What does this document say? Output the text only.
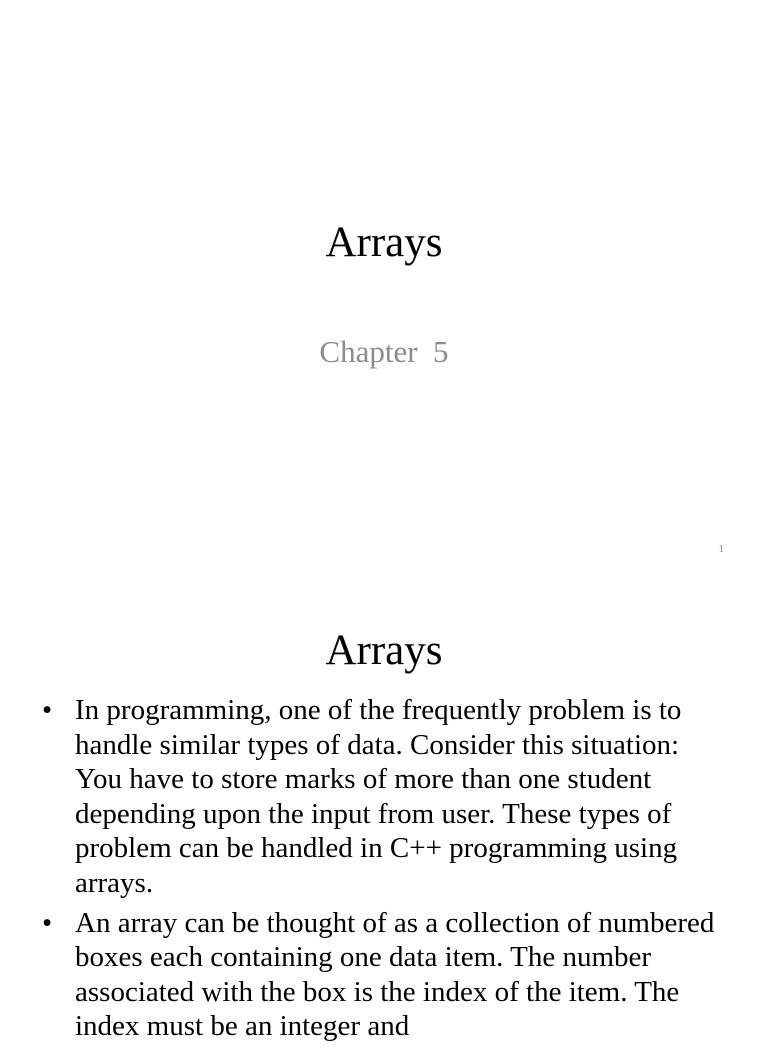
Arrays
Chapter  5
1
Arrays
• In programming, one of the frequently problem is to handle similar types of data. Consider this situation: You have to store marks of more than one student depending upon the input from user. These types of problem can be handled in C++ programming using arrays.
• An array can be thought of as a collection of numbered boxes each containing one data item. The number associated with the box is the index of the item. The index must be an integer and
